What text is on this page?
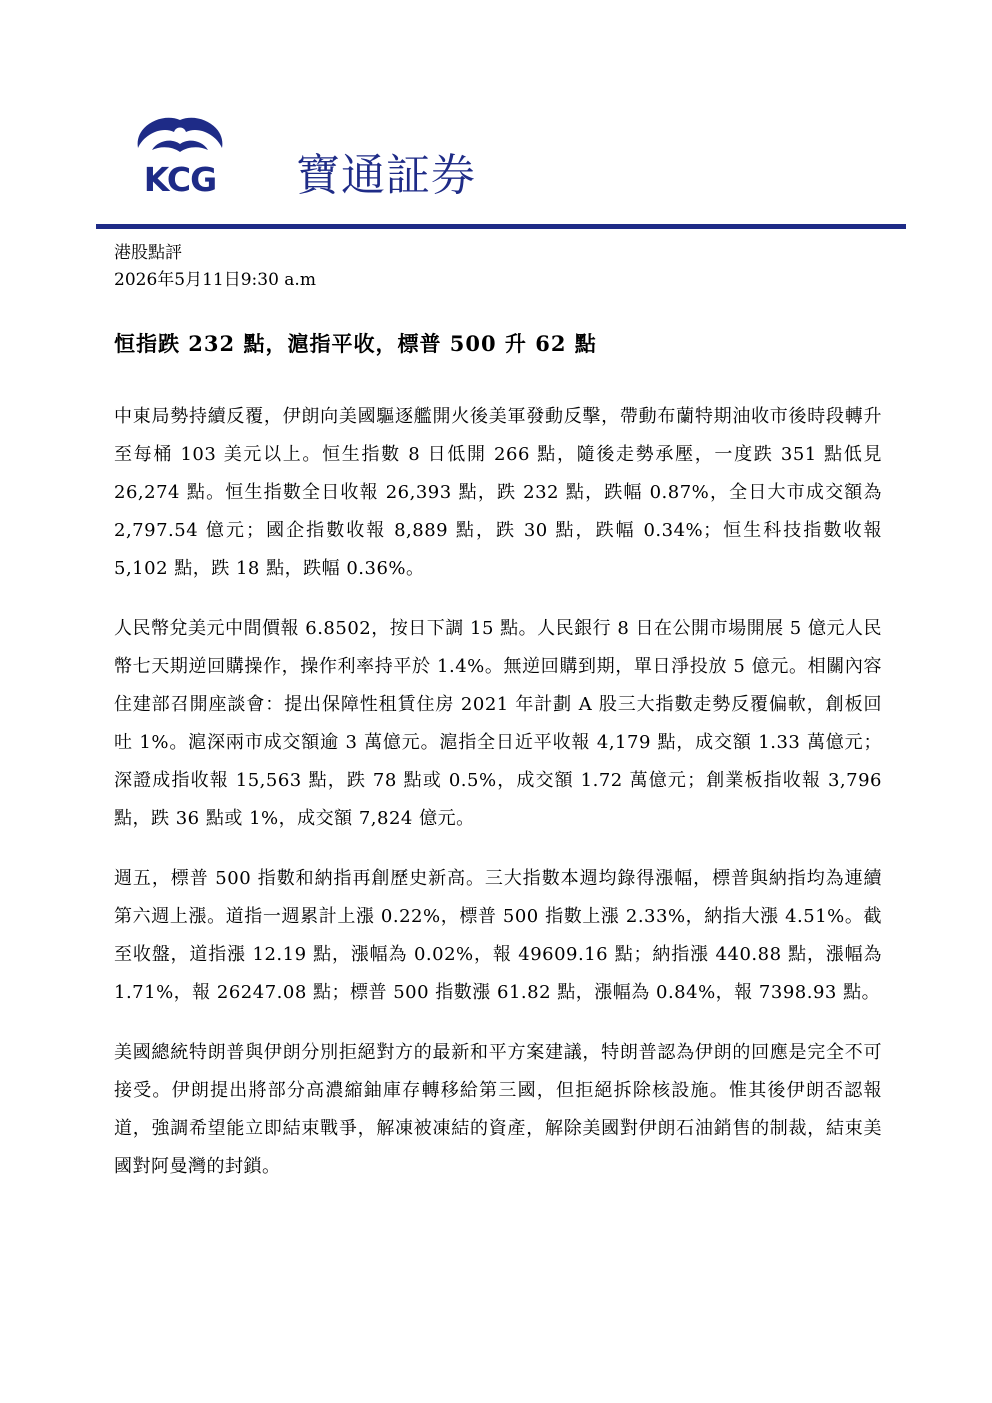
KCG 寶通証券
港股點評
2026年5月11日9:30 a.m
恒指跌 232 點，滬指平收，標普 500 升 62 點

中東局勢持續反覆，伊朗向美國驅逐艦開火後美軍發動反擊，帶動布蘭特期油收市後時段轉升至每桶 103 美元以上。恒生指數 8 日低開 266 點，隨後走勢承壓，一度跌 351 點低見 26,274 點。恒生指數全日收報 26,393 點，跌 232 點，跌幅 0.87%，全日大市成交額為 2,797.54 億元；國企指數收報 8,889 點，跌 30 點，跌幅 0.34%；恒生科技指數收報 5,102 點，跌 18 點，跌幅 0.36%。

人民幣兌美元中間價報 6.8502，按日下調 15 點。人民銀行 8 日在公開市場開展 5 億元人民幣七天期逆回購操作，操作利率持平於 1.4%。無逆回購到期，單日淨投放 5 億元。相關內容住建部召開座談會：提出保障性租賃住房 2021 年計劃 A 股三大指數走勢反覆偏軟，創板回吐 1%。滬深兩市成交額逾 3 萬億元。滬指全日近平收報 4,179 點，成交額 1.33 萬億元；深證成指收報 15,563 點，跌 78 點或 0.5%，成交額 1.72 萬億元；創業板指收報 3,796 點，跌 36 點或 1%，成交額 7,824 億元。

週五，標普 500 指數和納指再創歷史新高。三大指數本週均錄得漲幅，標普與納指均為連續第六週上漲。道指一週累計上漲 0.22%，標普 500 指數上漲 2.33%，納指大漲 4.51%。截至收盤，道指漲 12.19 點，漲幅為 0.02%，報 49609.16 點；納指漲 440.88 點，漲幅為 1.71%，報 26247.08 點；標普 500 指數漲 61.82 點，漲幅為 0.84%，報 7398.93 點。

美國總統特朗普與伊朗分別拒絕對方的最新和平方案建議，特朗普認為伊朗的回應是完全不可接受。伊朗提出將部分高濃縮鈾庫存轉移給第三國，但拒絕拆除核設施。惟其後伊朗否認報道，強調希望能立即結束戰爭，解凍被凍結的資產，解除美國對伊朗石油銷售的制裁，結束美國對阿曼灣的封鎖。
